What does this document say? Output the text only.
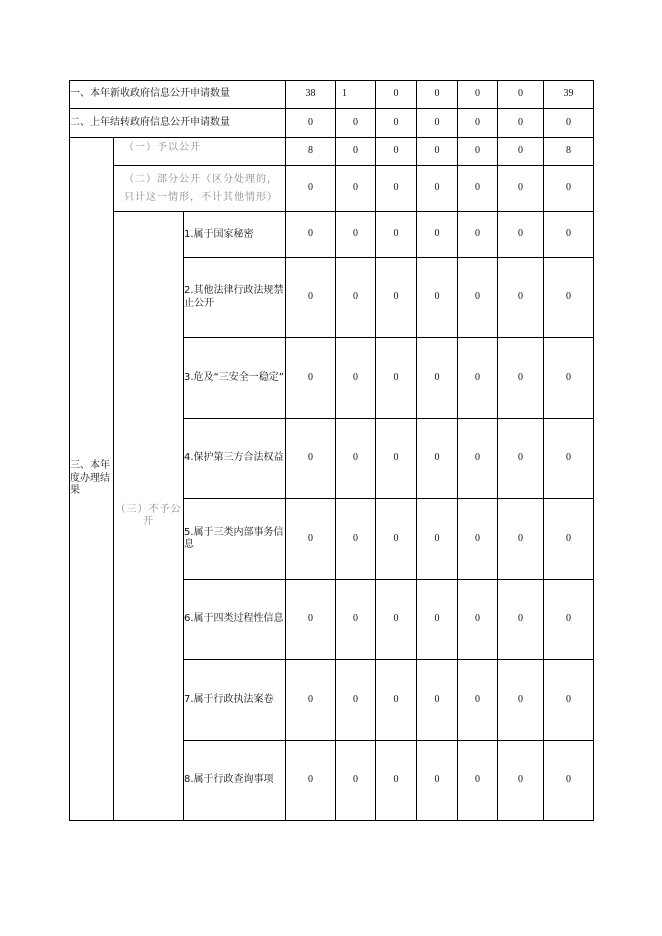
一、本年新收政府信息公开申请数量			38	1	0	0	0	0	39
二、上年结转政府信息公开申请数量			0	0	0	0	0	0	0
三、本年度办理结果	（一）予以公开		8	0	0	0	0	0	8
	（二）部分公开（区分处理的，只计这一情形，不计其他情形）		0	0	0	0	0	0	0
	（三）不予公开	1.属于国家秘密	0	0	0	0	0	0	0
		2.其他法律行政法规禁止公开	0	0	0	0	0	0	0
		3.危及“三安全一稳定”	0	0	0	0	0	0	0
		4.保护第三方合法权益	0	0	0	0	0	0	0
		5.属于三类内部事务信息	0	0	0	0	0	0	0
		6.属于四类过程性信息	0	0	0	0	0	0	0
		7.属于行政执法案卷	0	0	0	0	0	0	0
		8.属于行政查询事项	0	0	0	0	0	0	0
